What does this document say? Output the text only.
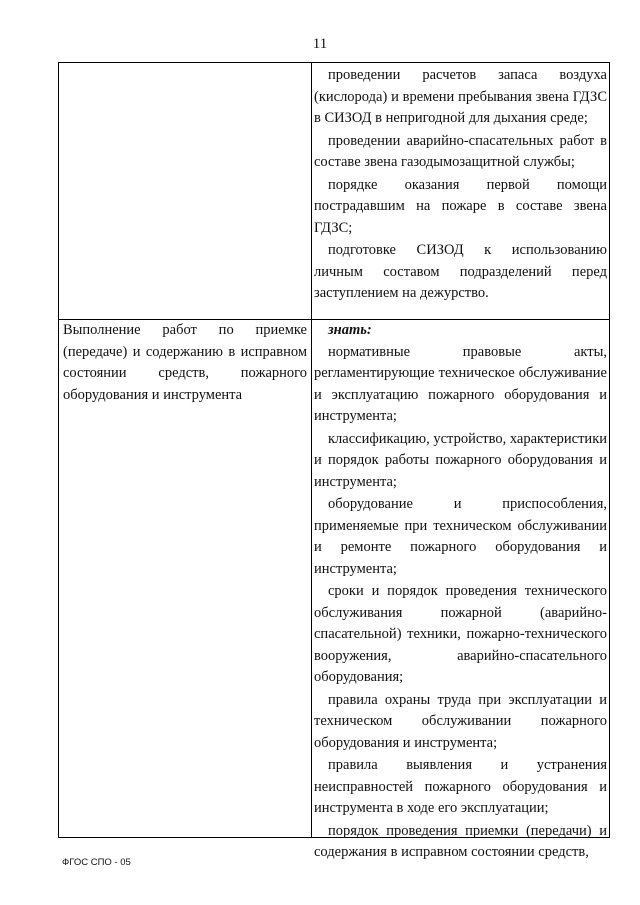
11

проведении расчетов запаса воздуха (кислорода) и времени пребывания звена ГДЗС в СИЗОД в непригодной для дыхания среде;

проведении аварийно-спасательных работ в составе звена газодымозащитной службы;

порядке оказания первой помощи пострадавшим на пожаре в составе звена ГДЗС;

подготовке СИЗОД к использованию личным составом подразделений перед заступлением на дежурство.

Выполнение работ по приемке (передаче) и содержанию в исправном состоянии средств, пожарного оборудования и инструмента

знать:

нормативные правовые акты, регламентирующие техническое обслуживание и эксплуатацию пожарного оборудования и инструмента;

классификацию, устройство, характеристики и порядок работы пожарного оборудования и инструмента;

оборудование и приспособления, применяемые при техническом обслуживании и ремонте пожарного оборудования и инструмента;

сроки и порядок проведения технического обслуживания пожарной (аварийно-спасательной) техники, пожарно-технического вооружения, аварийно-спасательного оборудования;

правила охраны труда при эксплуатации и техническом обслуживании пожарного оборудования и инструмента;

правила выявления и устранения неисправностей пожарного оборудования и инструмента в ходе его эксплуатации;

порядок проведения приемки (передачи) и содержания в исправном состоянии средств,

ФГОС СПО - 05
